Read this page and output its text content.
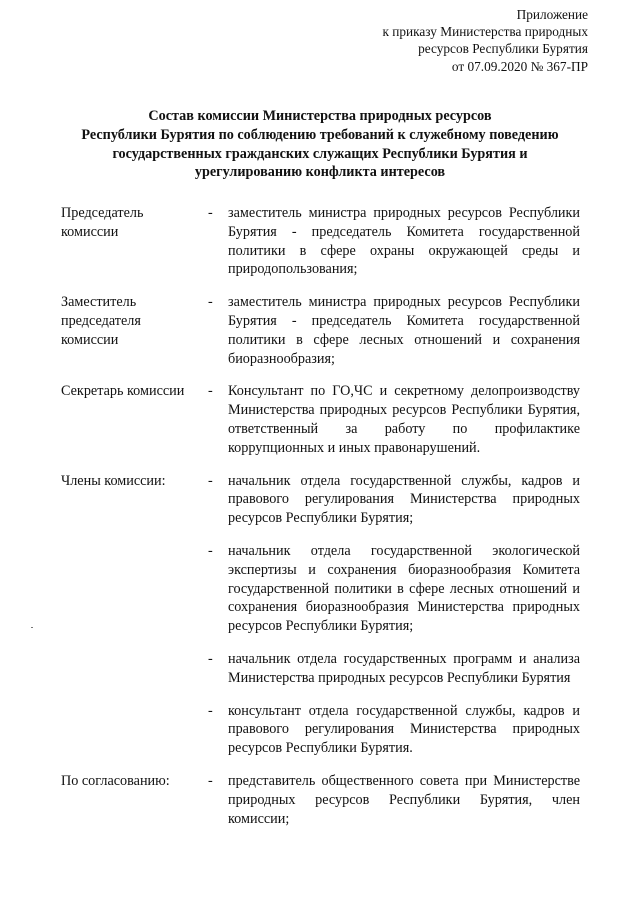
Приложение
к приказу Министерства природных
ресурсов Республики Бурятия
от 07.09.2020 № 367-ПР
Состав комиссии Министерства природных ресурсов
Республики Бурятия по соблюдению требований к служебному поведению
государственных гражданских служащих Республики Бурятия и
урегулированию конфликта интересов
Председатель комиссии
- заместитель министра природных ресурсов Республики Бурятия - председатель Комитета государственной политики в сфере охраны окружающей среды и природопользования;
Заместитель председателя комиссии
- заместитель министра природных ресурсов Республики Бурятия - председатель Комитета государственной политики в сфере лесных отношений и сохранения биоразнообразия;
Секретарь комиссии	- Консультант по ГО,ЧС и секретному делопроизводству Министерства природных ресурсов Республики Бурятия, ответственный за работу по профилактике коррупционных и иных правонарушений.
Члены комиссии:	- начальник отдела государственной службы, кадров и правового регулирования Министерства природных ресурсов Республики Бурятия;
- начальник отдела государственной экологической экспертизы и сохранения биоразнообразия Комитета государственной политики в сфере лесных отношений и сохранения биоразнообразия Министерства природных ресурсов Республики Бурятия;
- начальник отдела государственных программ и анализа Министерства природных ресурсов Республики Бурятия
- консультант отдела государственной службы, кадров и правового регулирования Министерства природных ресурсов Республики Бурятия.
По согласованию:	- представитель общественного совета при Министерстве природных ресурсов Республики Бурятия, член комиссии;
